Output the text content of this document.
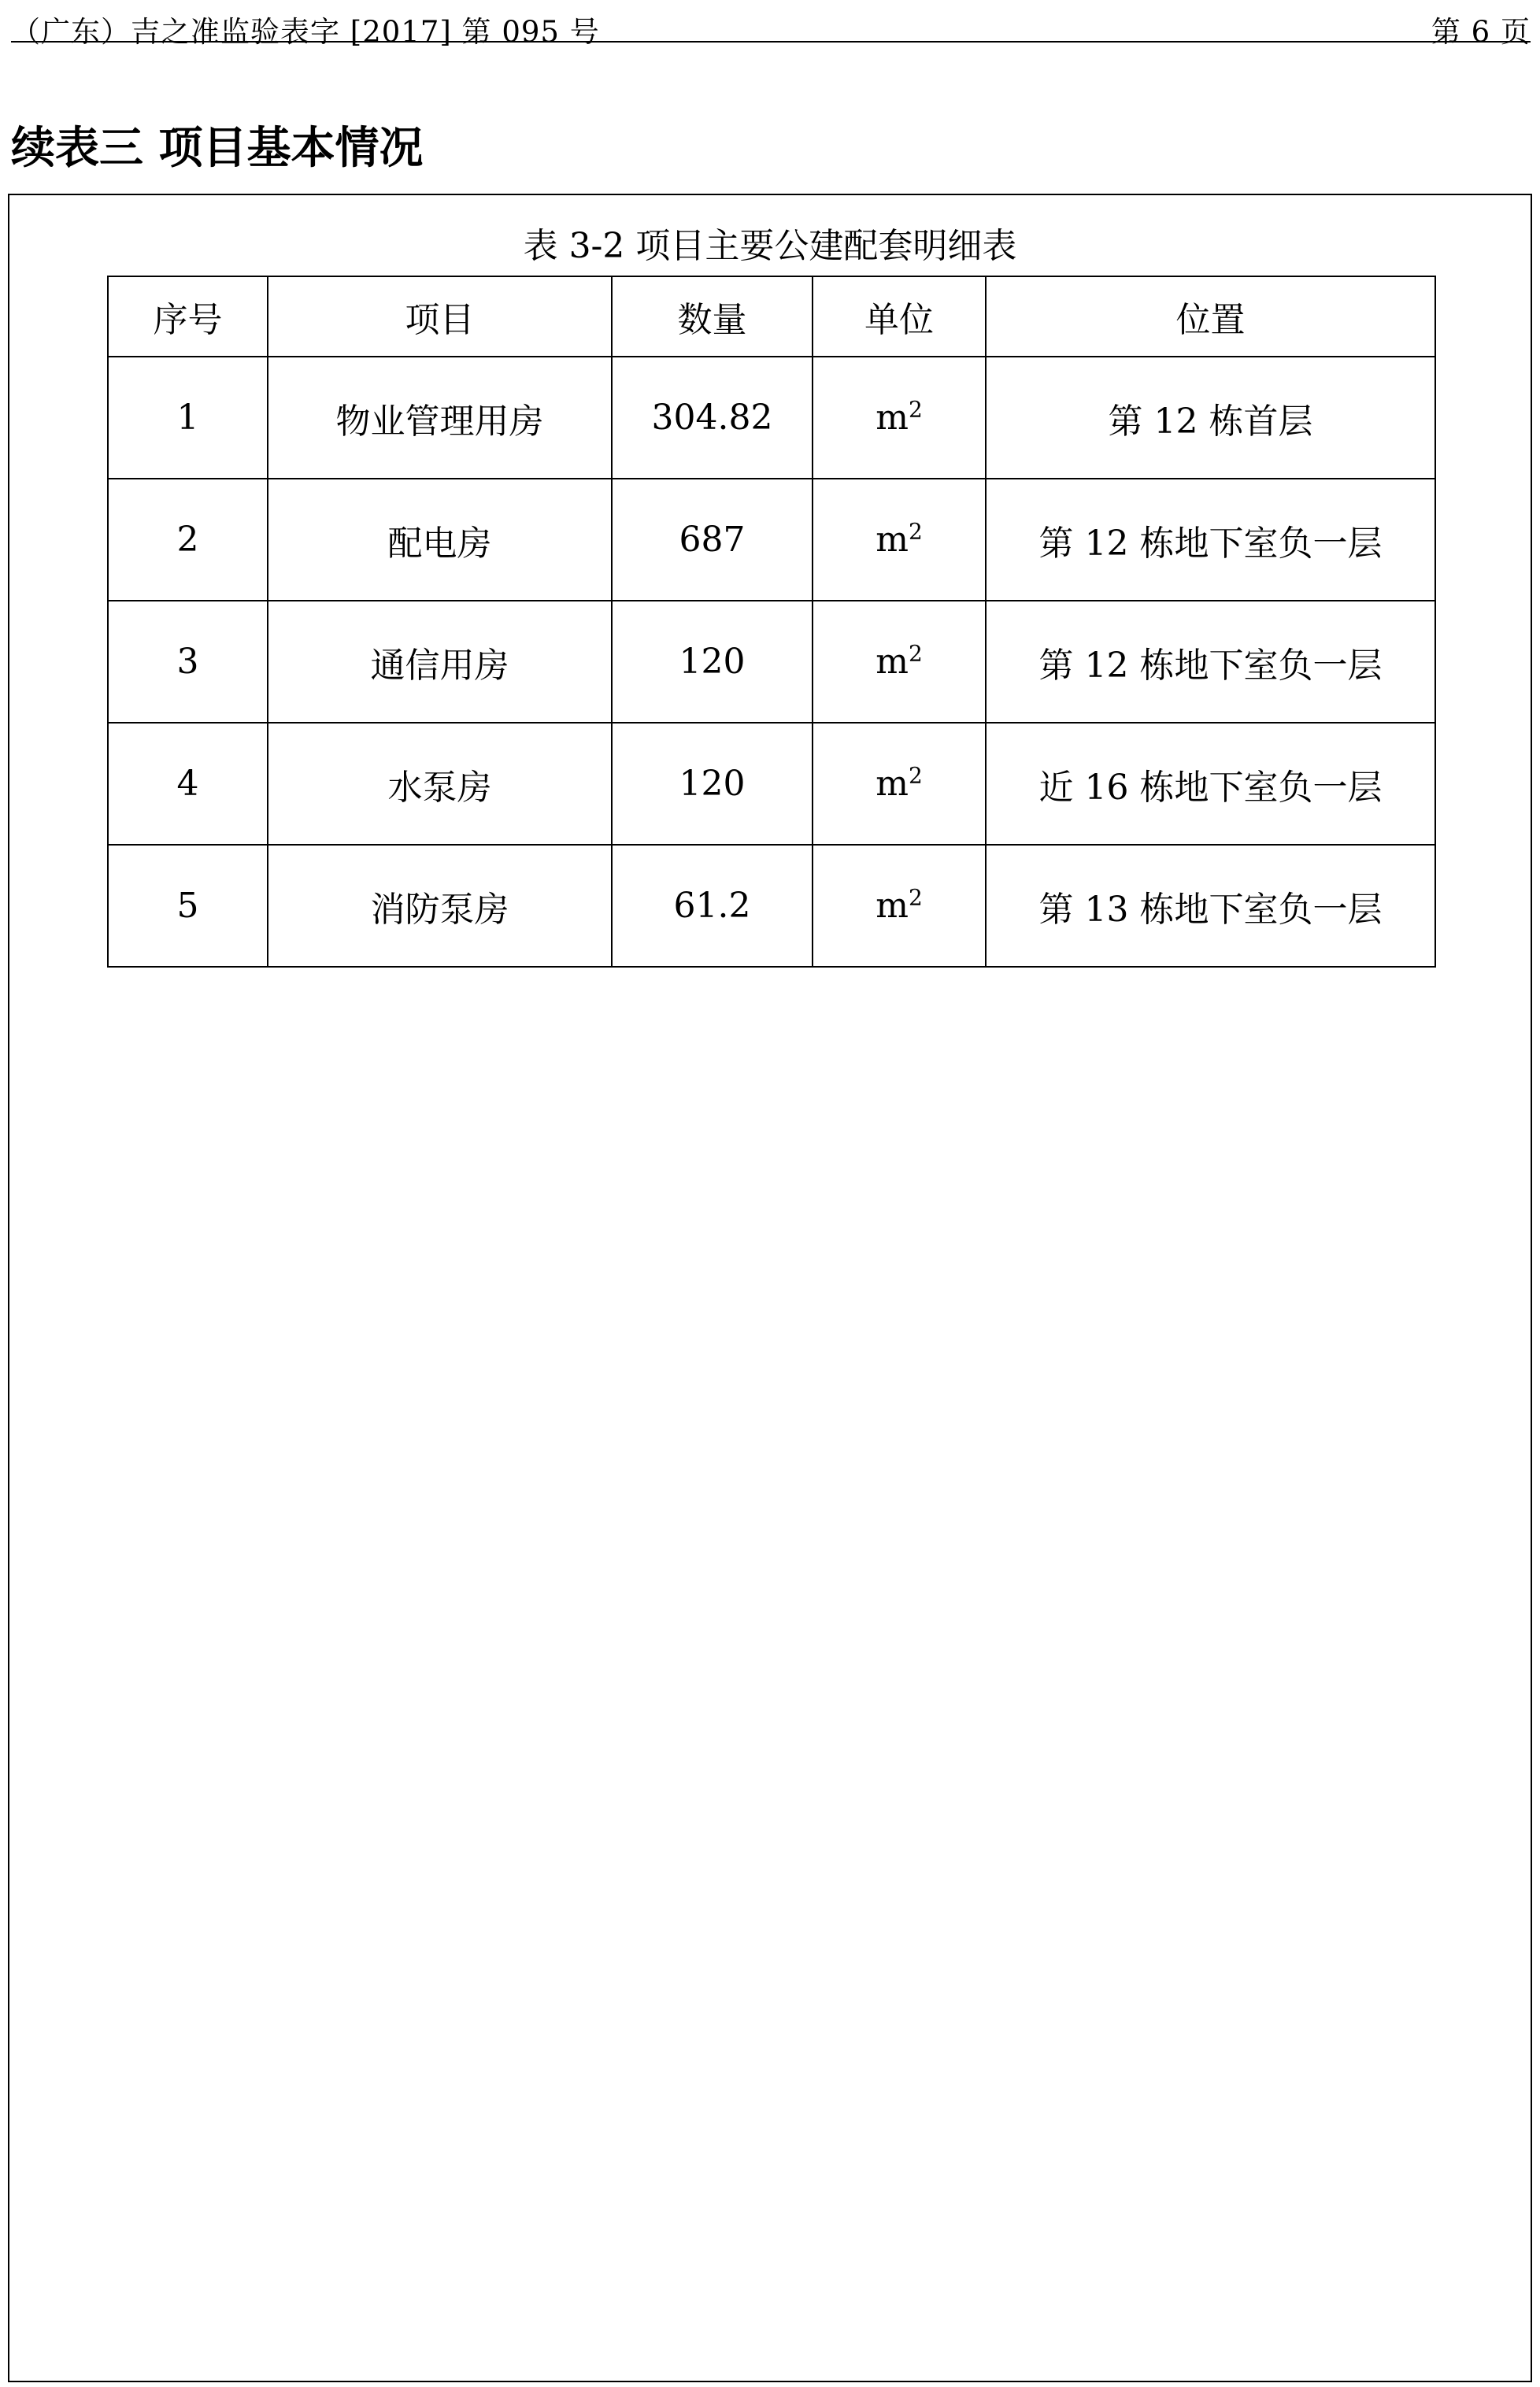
（广东）吉之准监验表字 [2017] 第 095 号	第 6 页
续表三 项目基本情况
表 3-2 项目主要公建配套明细表
序号	项目	数量	单位	位置
1	物业管理用房	304.82	$m^2$	第 12 栋首层
2	配电房	687	$m^2$	第 12 栋地下室负一层
3	通信用房	120	$m^2$	第 12 栋地下室负一层
4	水泵房	120	$m^2$	近 16 栋地下室负一层
5	消防泵房	61.2	$m^2$	第 13 栋地下室负一层
